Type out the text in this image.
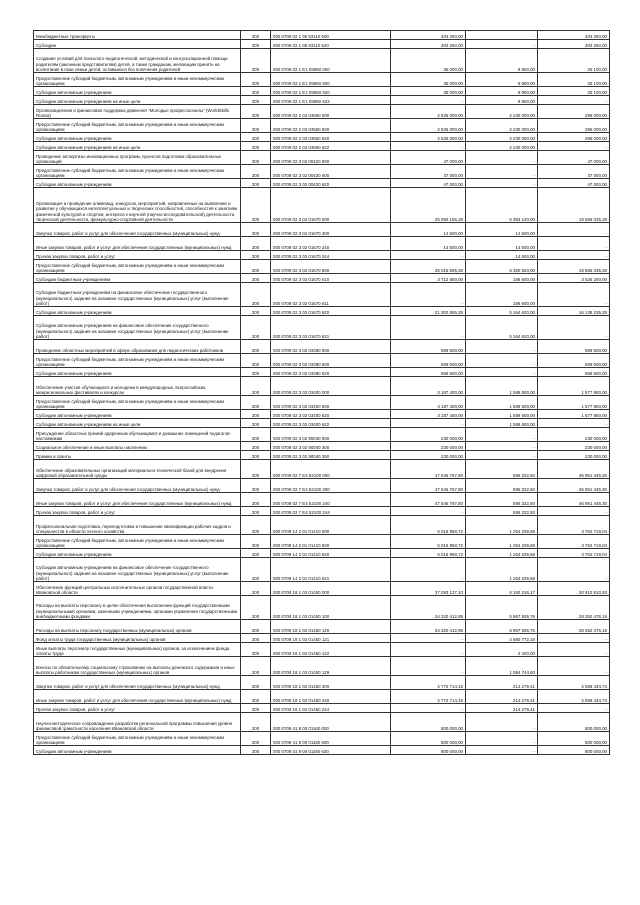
Межбюджетные трансферты	200	000 0709 02 1 06 83110 500	404 250,00	-	404 250,00
Субсидии	200	000 0709 02 1 06 83110 520	404 250,00	-	404 250,00
Создание условий для психолого-педагогической, методической и консультационной помощи родителям (законным представителям) детей, а также гражданам, желающим принять на воспитание в свои семьи детей, оставшихся без попечения родителей	200	000 0709 02 1 E1 05960 000	35 000,00	9 900,00	25 100,00
Предоставление субсидий бюджетным, автономным учреждениям и иным некоммерческим организациям	200	000 0709 02 1 E1 05960 600	35 000,00	9 900,00	25 100,00
Субсидии автономным учреждениям	200	000 0709 02 1 E1 05960 620	35 000,00	9 900,00	25 100,00
Субсидии автономным учреждениям на иные цели	200	000 0709 02 1 E1 05960 622	-	9 900,00	-
Организационная и финансовая поддержка движения "Молодые профессионалы" (WorldSkills Russia)	200	000 0709 02 2 03 03550 000	2 526 000,00	2 230 000,00	296 000,00
Предоставление субсидий бюджетным, автономным учреждениям и иным некоммерческим организациям	200	000 0709 02 2 03 03550 600	2 526 000,00	2 230 000,00	296 000,00
Субсидии автономным учреждениям	200	000 0709 02 2 03 03550 620	2 526 000,00	2 230 000,00	296 000,00
Субсидии автономным учреждениям на иные цели	200	000 0709 02 2 03 03550 622	-	2 230 000,00	-
Проведение экспертизы инновационных программ, проектов подготовки образовательных организаций	200	000 0709 02 3 02 00420 000	47 000,00	-	47 000,00
Предоставление субсидий бюджетным, автономным учреждениям и иным некоммерческим организациям	200	000 0709 02 3 02 00420 600	47 000,00	-	47 000,00
Субсидии автономным учреждениям	200	000 0709 02 3 02 00420 620	47 000,00	-	47 000,00
Организация и проведение олимпиад, конкурсов, мероприятий, направленных на выявление и развитие у обучающихся интеллектуальных и творческих способностей, способностей к занятиям физической культурой и спортом, интереса к научной (научно-исследовательской) деятельности, творческой деятельности, физкультурно-спортивной деятельности	200	000 0709 02 3 02 01670 000	25 050 155,28	5 383 120,00	19 666 035,28
Закупка товаров, работ и услуг для обеспечения государственных (муниципальных) нужд	200	000 0709 02 3 02 01670 200	14 500,00	14 500,00	-
Иные закупки товаров, работ и услуг для обеспечения государственных (муниципальных) нужд	200	000 0709 02 3 02 01670 240	14 500,00	14 500,00	-
Прочая закупка товаров, работ и услуг	200	000 0709 02 3 02 01670 244	-	14 500,00	-
Предоставление субсидий бюджетным, автономным учреждениям и иным некоммерческим организациям	200	000 0709 02 3 02 01670 600	25 015 655,28	5 350 620,00	19 665 035,28
Субсидии бюджетным учреждениям	200	000 0709 02 3 02 01670 610	3 712 800,00	186 600,00	3 526 200,00
Субсидии бюджетным учреждениям на финансовое обеспечение государственного (муниципального) задания на оказание государственных (муниципальных) услуг (выполнение работ)	200	000 0709 02 3 02 01670 611	-	186 600,00	-
Субсидии автономным учреждениям	200	000 0709 02 3 02 01670 620	21 302 855,28	5 164 620,00	16 138 235,28
Субсидии автономным учреждениям на финансовое обеспечение государственного (муниципального) задания на оказание государственных (муниципальных) услуг (выполнение работ)	200	000 0709 02 3 02 01670 621	-	5 164 620,00	-
Проведение областных мероприятий в сфере образования для педагогических работников	200	000 0709 02 3 02 03390 000	869 500,00	-	869 500,00
Предоставление субсидий бюджетным, автономным учреждениям и иным некоммерческим организациям	200	000 0709 02 3 02 03390 600	869 500,00	-	869 500,00
Субсидии автономным учреждениям	200	000 0709 02 3 02 03390 620	869 500,00	-	869 500,00
Обеспечение участия обучающихся и молодежи в международных, всероссийских, межрегиональных фестивалях и конкурсах	200	000 0709 02 3 02 03400 000	3 187 400,00	1 589 500,00	1 577 900,00
Предоставление субсидий бюджетным, автономным учреждениям и иным некоммерческим организациям	200	000 0709 02 3 02 03400 600	3 187 400,00	1 589 500,00	1 577 900,00
Субсидии автономным учреждениям	200	000 0709 02 3 02 03400 620	3 187 400,00	1 589 500,00	1 577 900,00
Субсидии автономным учреждениям на иные цели	200	000 0709 02 3 02 03400 622	-	1 589 500,00	-
Присуждение областных премий одаренным обучающимся и домашних помещений педагогов-наставникам	200	000 0709 02 3 02 90040 000	230 000,00	-	230 000,00
Социальное обеспечение и иные выплаты населению	200	000 0709 02 3 02 90040 300	230 000,00	-	230 000,00
Премии и гранты	200	000 0709 02 3 02 90040 350	230 000,00	-	230 000,00
Обеспечение образовательных организаций материально-технической базой для внедрения цифровой образовательной среды	200	000 0709 02 7 E4 52100 000	47 546 767,80	595 322,50	46 951 445,30
Закупка товаров, работ и услуг для обеспечения государственных (муниципальных) нужд	200	000 0709 02 7 E4 52100 200	47 546 767,80	595 322,50	46 951 445,30
Иные закупки товаров, работ и услуг для обеспечения государственных (муниципальных) нужд	200	000 0709 02 7 E4 52100 240	47 546 767,80	595 322,50	46 951 445,30
Прочая закупка товаров, работ и услуг	200	000 0709 02 7 E4 52100 244	-	595 322,50	-
Профессиональная подготовка, переподготовка и повышение квалификации рабочих кадров и специалистов в области лесного хозяйства	200	000 0709 14 2 01 01410 000	5 016 958,72	1 254 239,68	3 762 719,04
Предоставление субсидий бюджетным, автономным учреждениям и иным некоммерческим организациям	200	000 0709 14 2 01 01410 600	5 016 958,72	1 254 239,68	3 762 719,04
Субсидии автономным учреждениям	200	000 0709 14 2 01 01410 620	5 016 958,72	1 254 239,68	3 762 719,04
Субсидии автономным учреждениям на финансовое обеспечение государственного (муниципального) задания на оказание государственных (муниципальных) услуг (выполнение работ)	200	000 0709 14 2 01 01410 621	-	1 254 239,68	-
Обеспечение функций центральных исполнительных органов государственной власти Ивановской области	200	000 0709 18 1 02 01450 000	37 093 127,10	6 182 216,17	30 910 910,93
Расходы на выплаты персоналу в целях обеспечения выполнения функций государственными (муниципальными) органами, казенными учреждениями, органами управления государственными внебюджетными фондами	200	000 0709 18 1 02 01450 100	34 320 412,95	5 967 936,76	28 352 476,19
Расходы на выплаты персоналу государственных (муниципальных) органов	200	000 0709 18 1 02 01450 120	34 320 412,95	5 967 936,76	28 352 476,19
Фонд оплаты труда государственных (муниципальных) органов	200	000 0709 18 1 02 01450 121	-	4 880 772,16	-
Иные выплаты персоналу государственных (муниципальных) органов, за исключением фонда оплаты труда	200	000 0709 18 1 02 01450 122	-	2 420,00	-
Взносы по обязательному социальному страхованию на выплаты денежного содержания и иные выплаты работникам государственных (муниципальных) органов	200	000 0709 18 1 02 01450 129	-	1 084 744,60	-
Закупка товаров, работ и услуг для обеспечения государственных (муниципальных) нужд	200	000 0709 18 1 02 01450 200	2 772 714,15	214 279,41	2 558 434,74
Иные закупки товаров, работ и услуг для обеспечения государственных (муниципальных) нужд	200	000 0709 18 1 02 01450 240	2 772 714,15	214 279,41	2 558 434,74
Прочая закупка товаров, работ и услуг	200	000 0709 18 1 02 01450 244	-	214 279,41	-
Научно-методическое сопровождение разработки региональной программы повышения уровня финансовой грамотности населения Ивановской области	200	000 0709 41 9 00 01160 000	800 000,00	-	800 000,00
Предоставление субсидий бюджетным, автономным учреждениям и иным некоммерческим организациям	200	000 0709 41 9 00 01160 600	800 000,00	-	800 000,00
Субсидии автономным учреждениям	200	000 0709 41 9 00 01160 620	800 000,00	-	800 000,00
